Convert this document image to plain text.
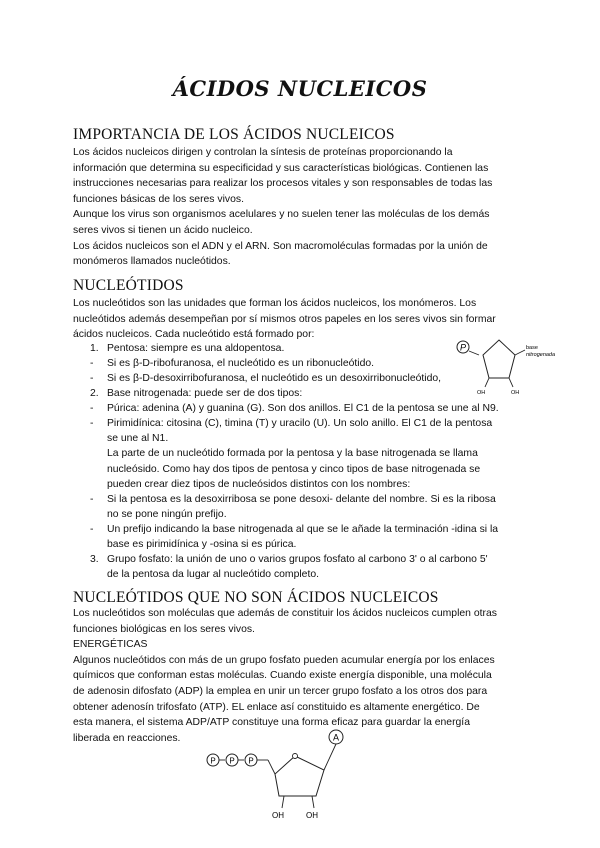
ÁCIDOS NUCLEICOS
IMPORTANCIA DE LOS ÁCIDOS NUCLEICOS
Los ácidos nucleicos dirigen y controlan la síntesis de proteínas proporcionando la
información que determina su especificidad y sus características biológicas. Contienen las
instrucciones necesarias para realizar los procesos vitales y son responsables de todas las
funciones básicas de los seres vivos.
Aunque los virus son organismos acelulares y no suelen tener las moléculas de los demás
seres vivos si tienen un ácido nucleico.
Los ácidos nucleicos son el ADN y el ARN. Son macromoléculas formadas por la unión de
monómeros llamados nucleótidos.
NUCLEÓTIDOS
Los nucleótidos son las unidades que forman los ácidos nucleicos, los monómeros. Los
nucleótidos además desempeñan por sí mismos otros papeles en los seres vivos sin formar
ácidos nucleicos. Cada nucleótido está formado por:
1. Pentosa: siempre es una aldopentosa.
-	Si es β-D-ribofuranosa, el nucleótido es un ribonucleótido.
-	Si es β-D-desoxirribofuranosa, el nucleótido es un desoxirribonucleótido,
2. Base nitrogenada: puede ser de dos tipos:
-	Púrica: adenina (A) y guanina (G). Son dos anillos. El C1 de la pentosa se une al N9.
-	Pirimidínica: citosina (C), timina (T) y uracilo (U). Un solo anillo. El C1 de la pentosa
se une al N1.
La parte de un nucleótido formada por la pentosa y la base nitrogenada se llama
nucleósido. Como hay dos tipos de pentosa y cinco tipos de base nitrogenada se
pueden crear diez tipos de nucleósidos distintos con los nombres:
-	Si la pentosa es la desoxirribosa se pone desoxi- delante del nombre. Si es la ribosa
no se pone ningún prefijo.
-	Un prefijo indicando la base nitrogenada al que se le añade la terminación -idina si la
base es pirimidínica y -osina si es púrica.
3. Grupo fosfato: la unión de uno o varios grupos fosfato al carbono 3' o al carbono 5'
de la pentosa da lugar al nucleótido completo.
P	base
nitrogenada
OH	OH
NUCLEÓTIDOS QUE NO SON ÁCIDOS NUCLEICOS
Los nucleótidos son moléculas que además de constituir los ácidos nucleicos cumplen otras
funciones biológicas en los seres vivos.
ENERGÉTICAS
Algunos nucleótidos con más de un grupo fosfato pueden acumular energía por los enlaces
químicos que conforman estas moléculas. Cuando existe energía disponible, una molécula
de adenosin difosfato (ADP) la emplea en unir un tercer grupo fosfato a los otros dos para
obtener adenosín trifosfato (ATP). EL enlace así constituido es altamente energético. De
esta manera, el sistema ADP/ATP constituye una forma eficaz para guardar la energía
liberada en reacciones.	A
P P P
OH	OH
